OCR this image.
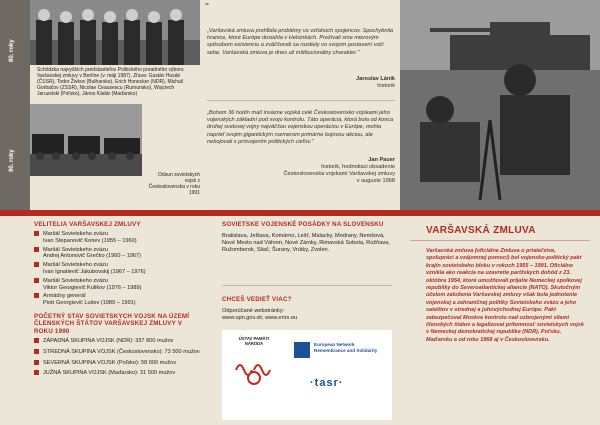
80. roky
90. roky
Schôdzka najvyšších predstaviteľov Politického poradného výboru Varšavskej zmluvy v Berlíne (v. máji 1987). Zľava: Gustáv Husák (ČSSR), Todor Živkov (Bulharsko), Erich Honecker (NDR), Michail Gorbačov (ZSSR), Nicolae Ceausescu (Rumunsko), Wojciech Jaruzelski (Poľsko), János Kádár (Maďarsko)
Odsun sovietskych vojsk z Československa v roku 1991
”
„Varšavská zmluva prehĺbila problémy vo vzťahoch spojencov. Spochybnila hranice, ktoré Európe dosiahla v Helsinkách. Prežívali sme mierovým spôsobom existenciu a zväčšovali sa rozdiely vo svojom postavení voči sebe. Varšavská zmluva je dnes už inštitucionálny charakter."
Jaroslav Láník
historik
„Bohom 36 hodín malí invázne vojská celé Československo vojskami jeho vojenských základní pod svoju kontrolu. Táto operácia, ktorá bola od konca druhej svetovej vojny najväčšou vojenskou operáciou v Európe, mohla naprieť svojim gigantickým rozmerom primárne bojovou akciou, ale nebojovali s prisvojením politických cieľov."
Jan Pauer
historik, hodnotiaci obsadenie Československa vojskami Varšavskej zmluvy v auguste 1968
VELITELIA VARŠAVSKEJ ZMLUVY
Maršál Sovietskeho zväzu
Ivan Stepanovič Konev (1955 – 1960)
Maršál Sovietskeho zväzu
Andrej Antonovič Grečko (1960 – 1967)
Maršál Sovietskeho zväzu
Ivan Ignatievič Jakubovskij (1967 – 1976)
Maršál Sovietskeho zväzu
Viktor Georgievič Kulikov (1976 – 1989)
Armádny generál
Piotr Georgievič Lušev (1989 – 1991)
POČETNÝ STAV SOVIETSKYCH VOJSK NA ÚZEMÍ ČLENSKÝCH ŠTÁTOV VARŠAVSKEJ ZMLUVY V ROKU 1990
ZÁPADNÁ SKUPINA VOJSK (NDR): 337 800 mužov
STREDNÁ SKUPINA VOJSK (Československo): 73 500 mužov
SEVERNÁ SKUPINA VOJSK (Poľsko): 58 000 mužov
JUŽNÁ SKUPINA VOJSK (Maďarsko): 31 500 mužov
SOVIETSKE VOJENSKÉ POSÁDKY NA SLOVENSKU
Bratislava, Jelšava, Komárno, Lešť, Malacky, Modrany, Nemšová, Nové Mesto nad Váhom, Nové Zámky, Rimavská Sobota, Rožňava, Ružomberok, Sliač, Šurany, Vrútky, Zvolen.
CHCEŠ VEDIEŤ VIAC?
Odporúčané webstránky:
www.upn.gov.sk; www.enrs.eu
ÚSTAV PAMÄTI NÁRODA	European Network Remembrance and Solidarity
·tasr·
VARŠAVSKÁ ZMLUVA
Varšavská zmluva (oficiálne Zmluva o priateľstve, spolupráci a vzájomnej pomoci) bol vojensko-politický pakt krajín sovietskeho bloku v rokoch 1955 – 1991. Oficiálne vznikla ako reakcia na uzavretie parížskych dohôd z 23. októbra 1954, ktoré umožňovali prijatie Nemeckej spolkovej republiky do Severoatlantickej aliancie (NATO). Skutočným účelom založenia Varšavskej zmluvy však bola jednotenie vojenskej a zahraničnej politiky Sovietskeho zväzu a jeho satelitov v strednej a juhovýchodnej Európe. Pakt zabezpečoval Moskve kontrolu nad ozbrojenými silami členských štátov a legalizoval prítomnosť sovietskych vojsk v Nemeckej demokratickej republike (NDR), Poľsku, Maďarsku a od roku 1968 aj v Československu.
